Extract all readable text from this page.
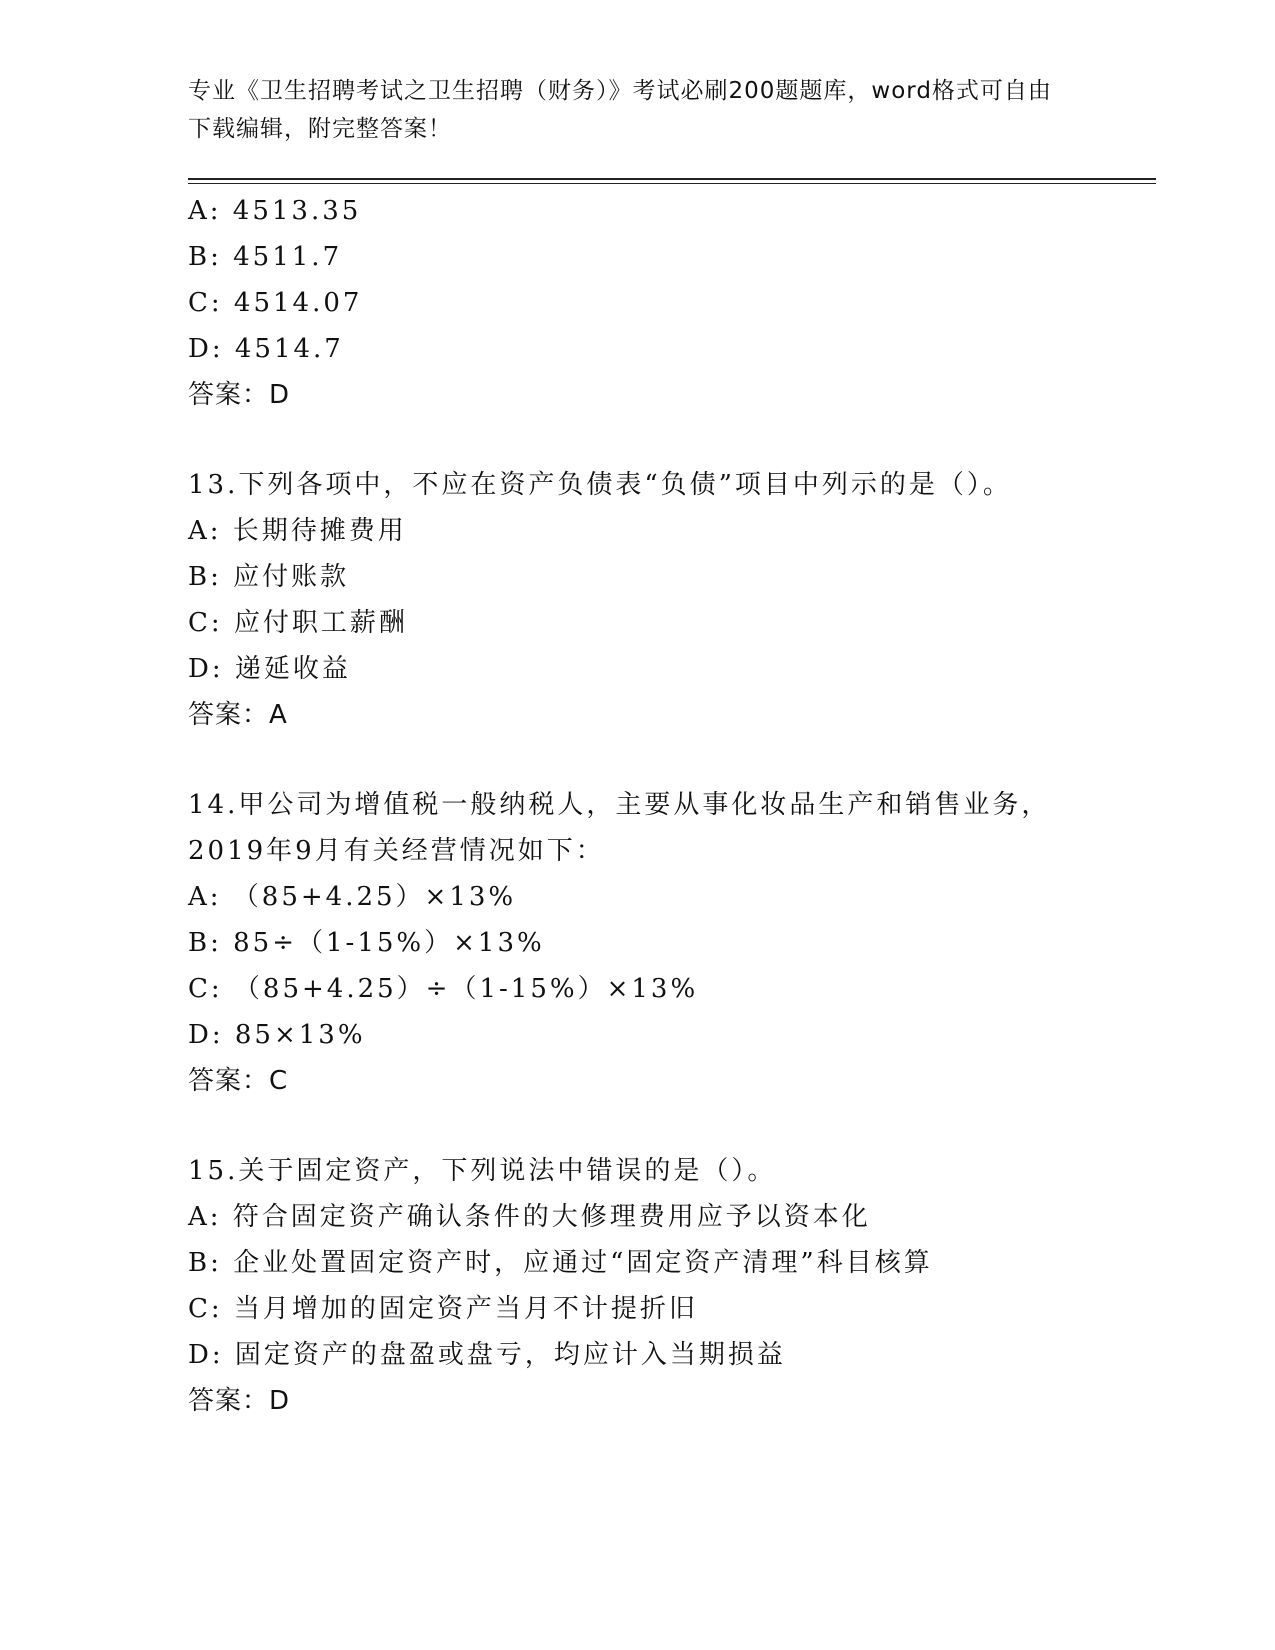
专业《卫生招聘考试之卫生招聘（财务）》考试必刷200题题库，word格式可自由下载编辑，附完整答案！
A: 4513.35
B: 4511.7
C: 4514.07
D: 4514.7
答案：D
13.下列各项中，不应在资产负债表“负债”项目中列示的是（）。
A: 长期待摊费用
B: 应付账款
C: 应付职工薪酬
D: 递延收益
答案：A
14.甲公司为增值税一般纳税人，主要从事化妆品生产和销售业务，
2019年9月有关经营情况如下：
A: （85+4.25）×13%
B: 85÷（1-15%）×13%
C: （85+4.25）÷（1-15%）×13%
D: 85×13%
答案：C
15.关于固定资产，下列说法中错误的是（）。
A: 符合固定资产确认条件的大修理费用应予以资本化
B: 企业处置固定资产时，应通过“固定资产清理”科目核算
C: 当月增加的固定资产当月不计提折旧
D: 固定资产的盘盈或盘亏，均应计入当期损益
答案：D
